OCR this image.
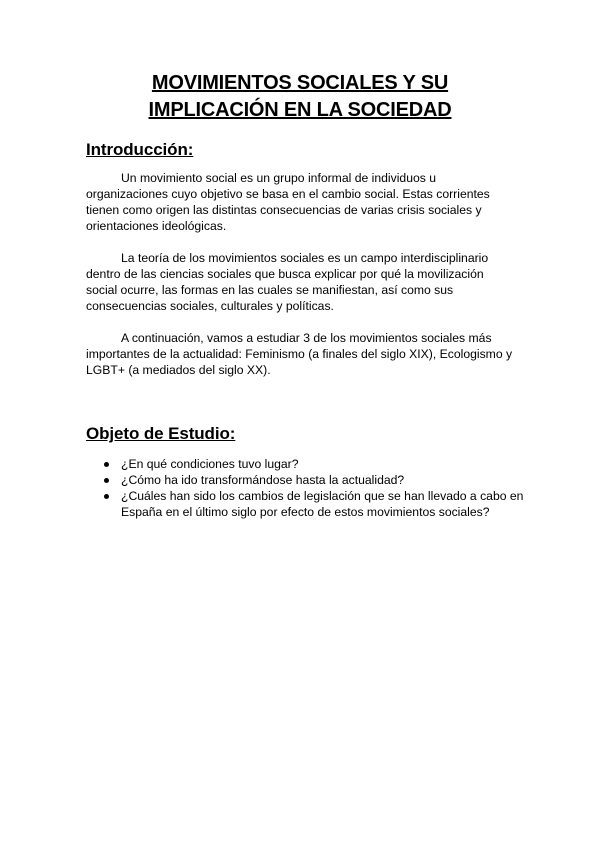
MOVIMIENTOS SOCIALES Y SU
IMPLICACIÓN EN LA SOCIEDAD
Introducción:

Un movimiento social es un grupo informal de individuos u organizaciones cuyo objetivo se basa en el cambio social. Estas corrientes tienen como origen las distintas consecuencias de varias crisis sociales y orientaciones ideológicas.

La teoría de los movimientos sociales es un campo interdisciplinario dentro de las ciencias sociales que busca explicar por qué la movilización social ocurre, las formas en las cuales se manifiestan, así como sus consecuencias sociales, culturales y políticas.

A continuación, vamos a estudiar 3 de los movimientos sociales más importantes de la actualidad: Feminismo (a finales del siglo XIX), Ecologismo y LGBT+ (a mediados del siglo XX).

Objeto de Estudio:
¿En qué condiciones tuvo lugar?
¿Cómo ha ido transformándose hasta la actualidad?
¿Cuáles han sido los cambios de legislación que se han llevado a cabo en España en el último siglo por efecto de estos movimientos sociales?
